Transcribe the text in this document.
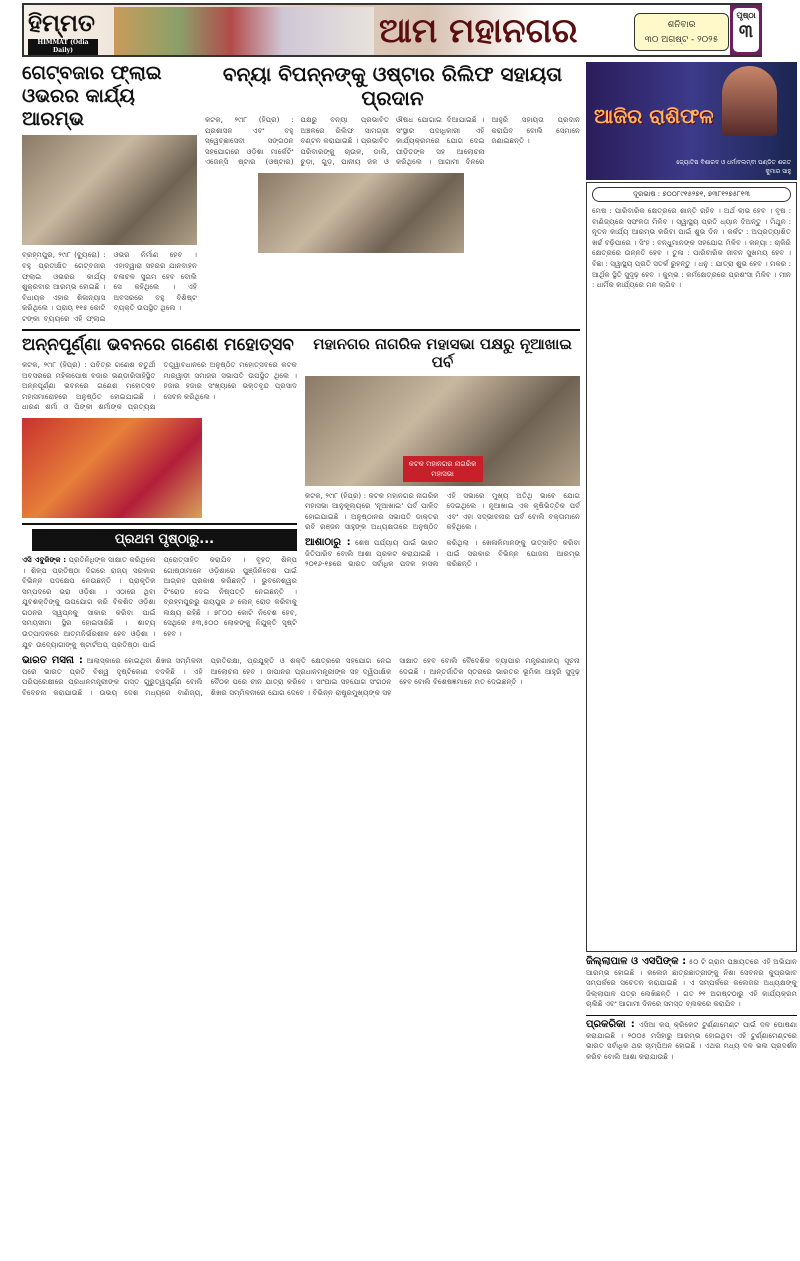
ହିମ୍ମତ
HIMMAT (Odia Daily)	ଆମ ମହାନଗର	ଶନିବାର
୩୦ ଅଗଷ୍ଟ - ୨୦୨୫
ପୃଷ୍ଠା
୩
ଗେଟ୍‌ବଜାର ଫ୍ଲାଇ ଓଭରର କାର୍ଯ୍ୟ ଆରମ୍ଭ
ବ୍ରହ୍ମପୁର, ୨୯ା୮ (ବ୍ୟୁରୋ) : ବହୁ ପ୍ରତୀକ୍ଷିତ ଗେଟ୍‌ବଜାର ଫ୍ଲାଇ ଓଭରର କାର୍ଯ୍ୟ ଶୁକ୍ରବାର ଆରମ୍ଭ ହୋଇଛି । ବିଧାୟକ ଏହାର ଶିଳାନ୍ୟାସ କରିଥିଲେ । ପ୍ରାୟ ୧୧୫ କୋଟି ଟଙ୍କା ବ୍ୟୟରେ ଏହି ଫ୍ଲାଇ ଓଭର ନିର୍ମାଣ ହେବ । ଏହାଦ୍ୱାରା ସହରର ଯାନବାହନ ଚଳାଚଳ ସୁଗମ ହେବ ବୋଲି ସେ କହିଥିଲେ । ଏହି ଅବସରରେ ବହୁ ବିଶିଷ୍ଟ ବ୍ୟକ୍ତି ଉପସ୍ଥିତ ଥିଲେ ।
ବନ୍ୟା ବିପନ୍ନଙ୍କୁ ଓଷ୍ଟାର ରିଲିଫ ସହାୟତା ପ୍ରଦାନ
କଟକ, ୨୯ା୮ (ହିପ୍ର) : ପ୍ରଶାସନ ଏବଂ ବହୁ ସ୍ୱେଚ୍ଛାସେବୀ ସଙ୍ଗଠନ ସହଯୋଗରେ ଓଡ଼ିଶା ମାର୍କେଟିଂ ଏଜେନ୍ସି ଷ୍ଟାର (ଓଷ୍ଟାର) ପକ୍ଷରୁ ବନ୍ୟା ପ୍ରଭାବିତ ଅଞ୍ଚଳରେ ରିଲିଫ ସାମଗ୍ରୀ ବଣ୍ଟନ କରାଯାଇଛି । ପ୍ରଭାବିତ ପରିବାରଙ୍କୁ ଚାଉଳ, ଡାଲି, ଚୁଡ଼ା, ଗୁଡ଼, ପାନୀୟ ଜଳ ଓ ଔଷଧ ଯୋଗାଇ ଦିଆଯାଇଛି । ସଂସ୍ଥାର ପଦାଧିକାରୀ ଏହି କାର୍ଯ୍ୟକ୍ରମରେ ଯୋଗ ଦେଇ ପୀଡ଼ିତଙ୍କ ସହ ଆଲୋଚନା କରିଥିଲେ । ଆଗାମୀ ଦିନରେ ଆହୁରି ସହାୟତା ପ୍ରଦାନ କରାଯିବ ବୋଲି ସେମାନେ ଜଣାଇଛନ୍ତି ।
ଅନ୍ନପୂର୍ଣ୍ଣା ଭବନରେ ଗଣେଶ ମହୋତ୍ସବ
କଟକ, ୨୯ା୮ (ହିପ୍ର) : ପବିତ୍ର ଗଣେଶ ଚତୁର୍ଥୀ ଅବସରରେ ମହିଳାପୋଷ ବଜାର ଭଣ୍ଡାରିସାହିସ୍ଥିତ ଅନ୍ନପୂର୍ଣ୍ଣା ଭବନରେ ଗଣେଶ ମହୋତ୍ସବ ମହାସମାରୋହରେ ଅନୁଷ୍ଠିତ ହୋଇଯାଇଛି । ଧାରଣ ଶର୍ମା ଓ ପିଙ୍କୀ ଶର୍ମାଙ୍କ ପ୍ରତ୍ୟକ୍ଷ ତତ୍ତ୍ୱାବଧାନରେ ଅନୁଷ୍ଠିତ ମହୋତ୍ସବରେ କଟକ ମାରୱାଡ଼ୀ ସମାଜର ସଭାପତି ଉପସ୍ଥିତ ଥିଲେ । ହଜାର ହଜାର ସଂଖ୍ୟାରେ ଭକ୍ତବୃନ୍ଦ ପ୍ରସାଦ ସେବନ କରିଥିଲେ ।
ପ୍ରଥମ ପୃଷ୍ଠାରୁ...
ଏସି ଏବୁଜିଙ୍କ : ପ୍ରତିନିଧିଙ୍କ ସାକ୍ଷାତ କରିଥିଲେ । ଶିଳ୍ପ ପ୍ରତିଷ୍ଠା ଦିଗରେ ରାଜ୍ୟ ସରକାର ବିଭିନ୍ନ ପଦକ୍ଷେପ ନେଉଛନ୍ତି । ପ୍ରାକୃତିକ ସମ୍ପଦରେ ଭରା ଓଡ଼ିଶା । ଏଠାରେ ଥିବା ଯୁବଶକ୍ତିଙ୍କୁ ଉପଯୋଗ କରି ବିକଶିତ ଓଡ଼ିଶା ଗଠନର ସ୍ୱପ୍ନକୁ ସାକାର କରିବା ପାଇଁ ସମୟସୀମା ସ୍ଥିର ହୋଇସାରିଛି । ଶାଟ୍ୟ ଉତ୍ପାଦନରେ ଆତ୍ମନିର୍ଭରଶୀଳ ହେବ ଓଡ଼ିଶା । ଯୁବ ଉଦ୍ୟୋଗୀଙ୍କୁ ଷ୍ଟାର୍ଟଅପ୍ ପ୍ରତିଷ୍ଠା ପାଇଁ ପ୍ରୋତ୍ସାହିତ କରାଯିବ । ବୃହତ୍ ଶିଳ୍ପ ଗୋଷ୍ଠୀମାନେ ଓଡ଼ିଶାରେ ପୁଞ୍ଜିନିବେଶ ପାଇଁ ଆଗ୍ରହ ପ୍ରକାଶ କରିଛନ୍ତି । ଭୁବନେଶ୍ୱର ଟିଂରୋଡ ଦେଇ ନିଷ୍ପତ୍ତି ନେଇଛନ୍ତି । ବ୍ରହ୍ମପୁରରୁ ରାୟପୁର ୬ ଲେନ୍ ରୋଡ କରିବାକୁ ଲକ୍ଷ୍ୟ ରହିଛି । ୭୮୦୦ କୋଟି ନିବେଶ ହେବ, ସେଥିରେ ୫୩,୫୦୦ ଲୋକଙ୍କୁ ନିଯୁକ୍ତି ସୃଷ୍ଟି ହେବ ।
ମହାନଗର ନାଗରିକ ମହାସଭା ପକ୍ଷରୁ ନୂଆଖାଇ ପର୍ବ
କଟକ ମହାନଗର ନାଗରିକ ମହାସଭା
କଟକ, ୨୯ା୮ (ହିପ୍ର) : କଟକ ମହାନଗର ନାଗରିକ ମହାସଭା ଆନୁକୂଲ୍ୟରେ 'ନୂଆଖାଇ' ପର୍ବ ପାଳିତ ହୋଇଯାଇଛି । ଅନୁଷ୍ଠାନର ସଭାପତି ଡାକ୍ତର ରବି ରଞ୍ଜନ ସାହୁଙ୍କ ଅଧ୍ୟକ୍ଷତାରେ ଅନୁଷ୍ଠିତ ଏହି ସଭାରେ ମୁଖ୍ୟ ଅତିଥି ଭାବେ ଯୋଗ ଦେଇଥିଲେ । ନୂଆଖାଇ ଏକ କୃଷିଭିତ୍ତିକ ପର୍ବ ଏବଂ ଏହା ସଦ୍‌ଭାବନାର ପର୍ବ ବୋଲି ବକ୍ତାମାନେ କହିଥିଲେ ।
ଆଶାଠାରୁ : ଶେଷ ପର୍ଯ୍ୟାୟ ପାଇଁ ଭାରତ ଜିତିପାରିବ ବୋଲି ଆଶା ପ୍ରକଟ କରାଯାଇଛି । ୨୦୧୬-୧୭ରେ ଭାରତ ସର୍ବାଧିକ ପଦକ ହାସଲ କରିଥିଲା । ଖେଳାଳିମାନଙ୍କୁ ଉତ୍ସାହିତ କରିବା ପାଇଁ ସରକାର ବିଭିନ୍ନ ଯୋଜନା ଆରମ୍ଭ କରିଛନ୍ତି ।
ଭାରତ ମସନା : ଆଲାସ୍କାରେ ହୋଇଥିବା ଶିଖର ସମ୍ମିଳନୀ ପରେ ଭାରତ ପ୍ରତି ବିଶ୍ୱ ଦୃଷ୍ଟିକୋଣ ବଦଳିଛି । ଏହି ପରିପ୍ରେକ୍ଷୀରେ ପ୍ରଧାନମନ୍ତ୍ରୀଙ୍କ ଗସ୍ତ ଗୁରୁତ୍ୱପୂର୍ଣ୍ଣ ବୋଲି ବିବେଚନା କରାଯାଉଛି । ଉଭୟ ଦେଶ ମଧ୍ୟରେ ବାଣିଜ୍ୟ, ପ୍ରତିରକ୍ଷା, ପ୍ରଯୁକ୍ତି ଓ ଶକ୍ତି କ୍ଷେତ୍ରରେ ସହଯୋଗ ନେଇ ଆଲୋଚନା ହେବ । ଜାପାନର ପ୍ରଧାନମନ୍ତ୍ରୀଙ୍କ ସହ ଦ୍ୱିପାକ୍ଷିକ ବୈଠକ ପରେ ଚୀନ ଯାତ୍ରା କରିବେ । ସାଂଘାଇ ସହଯୋଗ ସଂଗଠନ ଶିଖର ସମ୍ମିଳନୀରେ ଯୋଗ ଦେବେ । ବିଭିନ୍ନ ରାଷ୍ଟ୍ରମୁଖ୍ୟଙ୍କ ସହ ସାକ୍ଷାତ ହେବ ବୋଲି ବୈଦେଶିକ ବ୍ୟାପାର ମନ୍ତ୍ରଣାଳୟ ସୂଚନା ଦେଇଛି । ଆନ୍ତର୍ଜାତିକ ସ୍ତରରେ ଭାରତର ଭୂମିକା ଆହୁରି ସୁଦୃଢ଼ ହେବ ବୋଲି ବିଶେଷଜ୍ଞମାନେ ମତ ଦେଇଛନ୍ତି ।
ଆଜିର ରାଶିଫଳ
ଜ୍ୟୋତିଷ ବିଶାରଦ ଓ ଧର୍ମାବଲମ୍ବୀ ପଣ୍ଡିତ ଶରତ କୁମାର ସାହୁ
ଦୂରଭାଷ : ୭୦୦୮୯୧୫୨୭୧, ୭୩୮୧୨୭୫୮୧୩
ମେଷ : ପାରିବାରିକ କ୍ଷେତ୍ରରେ ଶାନ୍ତି ରହିବ । ଅର୍ଥ ଲାଭ ହେବ । ବୃଷ : ବାଣିଜ୍ୟରେ ସଫଳତା ମିଳିବ । ସ୍ୱାସ୍ଥ୍ୟ ପ୍ରତି ଧ୍ୟାନ ଦିଅନ୍ତୁ । ମିଥୁନ : ନୂତନ କାର୍ଯ୍ୟ ଆରମ୍ଭ କରିବା ପାଇଁ ଶୁଭ ଦିନ । କର୍କଟ : ଅପ୍ରତ୍ୟାଶିତ ଖର୍ଚ୍ଚ ବଢ଼ିପାରେ । ସିଂହ : ବନ୍ଧୁମାନଙ୍କ ସହଯୋଗ ମିଳିବ । କନ୍ୟା : ଚାକିରି କ୍ଷେତ୍ରରେ ଉନ୍ନତି ହେବ । ତୁଳା : ପାରିବାରିକ ଜୀବନ ସୁଖମୟ ହେବ । ବିଛା : ସ୍ୱାସ୍ଥ୍ୟ ପ୍ରତି ସତର୍କ ରୁହନ୍ତୁ । ଧନୁ : ଯାତ୍ରା ଶୁଭ ହେବ । ମକର : ଆର୍ଥିକ ସ୍ଥିତି ସୁଦୃଢ଼ ହେବ । କୁମ୍ଭ : କର୍ମକ୍ଷେତ୍ରରେ ପ୍ରଶଂସା ମିଳିବ । ମୀନ : ଧାର୍ମିକ କାର୍ଯ୍ୟରେ ମନ ଲାଗିବ ।
ଜିଲ୍ଲାପାଳ ଓ ଏସପିଙ୍କ : ୫୦ ଟି ଗ୍ରାମ ପଞ୍ଚାୟତରେ ଏହି ଅଭିଯାନ ଆରମ୍ଭ ହୋଇଛି । କଲେଜ ଛାତ୍ରଛାତ୍ରୀଙ୍କୁ ନିଶା ସେବନର କୁପ୍ରଭାବ ସମ୍ପର୍କରେ ସଚେତନ କରାଯାଇଛି । ଏ ସମ୍ପର୍କରେ କଲେଜର ଅଧ୍ୟକ୍ଷଙ୍କୁ ଜିଲ୍ଲାପାଳ ପତ୍ର ଲେଖିଛନ୍ତି । ଗତ ୨୧ ଅଗଷ୍ଟଠାରୁ ଏହି କାର୍ଯ୍ୟକ୍ରମ ଚାଲିଛି ଏବଂ ଆଗାମୀ ଦିନରେ ସମସ୍ତ ବ୍ଲକରେ କରାଯିବ ।
ପ୍ରକରିକା : ଏସିଆ କପ୍ କ୍ରିକେଟ ଟୁର୍ଣ୍ଣାମେଣ୍ଟ ପାଇଁ ଦଳ ଘୋଷଣା କରାଯାଇଛି । ୨୦୦୫ ମସିହାରୁ ଆରମ୍ଭ ହୋଇଥିବା ଏହି ଟୁର୍ଣ୍ଣାମେଣ୍ଟରେ ଭାରତ ସର୍ବାଧିକ ଥର ଚାମ୍ପିଅନ ହୋଇଛି । ଏଥର ମଧ୍ୟ ଦଳ ଭଲ ପ୍ରଦର୍ଶନ କରିବ ବୋଲି ଆଶା କରାଯାଉଛି ।
